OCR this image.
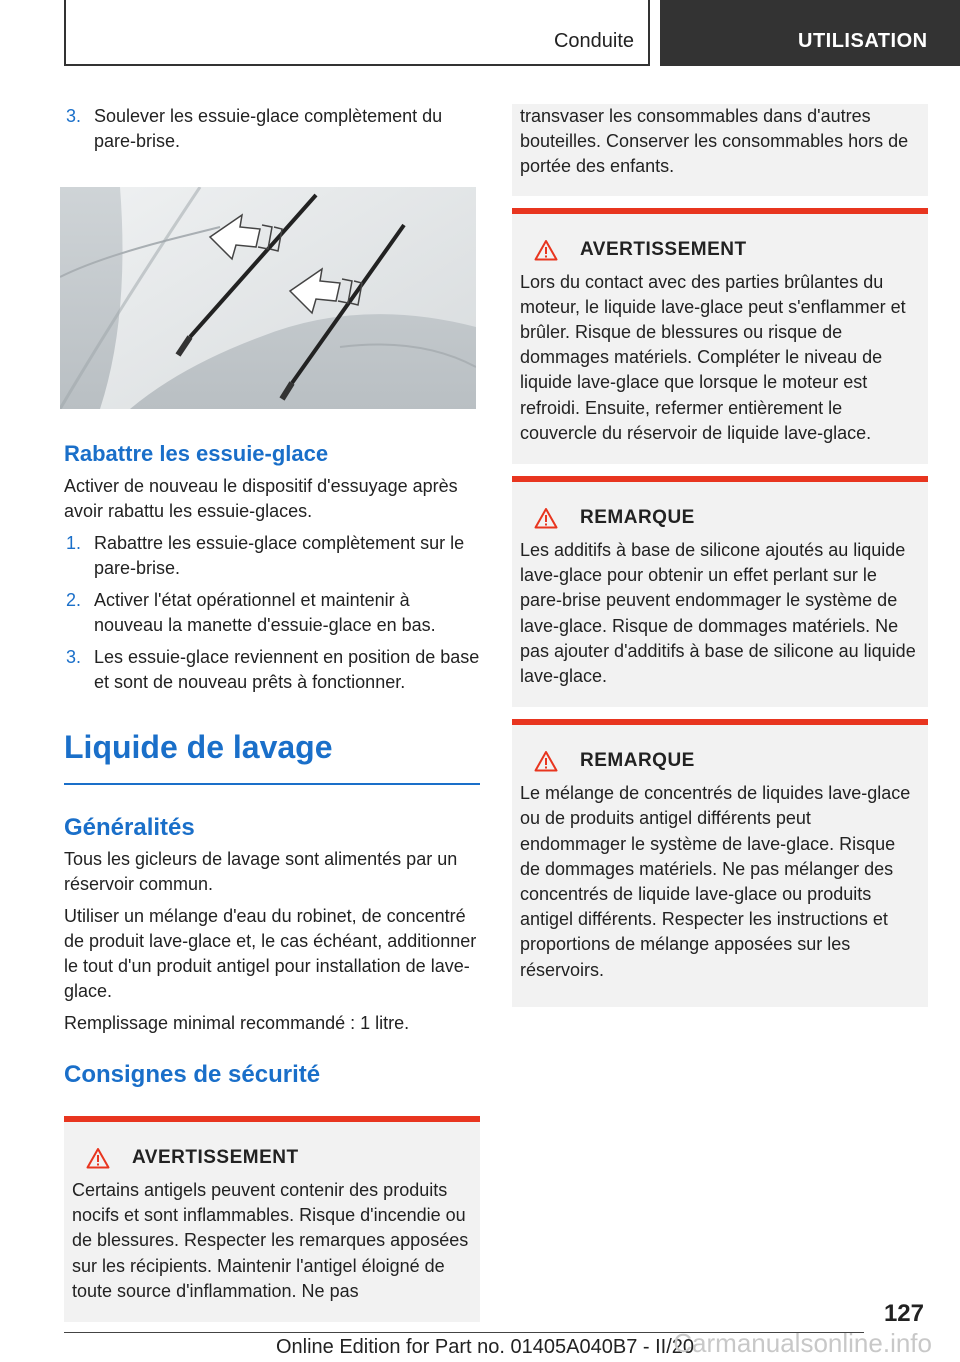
Conduite	UTILISATION
3. Soulever les essuie-glace complètement du pare-brise.
Rabattre les essuie-glace
Activer de nouveau le dispositif d'essuyage après avoir rabattu les essuie-glaces.
1. Rabattre les essuie-glace complètement sur le pare-brise.
2. Activer l'état opérationnel et maintenir à nouveau la manette d'essuie-glace en bas.
3. Les essuie-glace reviennent en position de base et sont de nouveau prêts à fonctionner.
Liquide de lavage
Généralités
Tous les gicleurs de lavage sont alimentés par un réservoir commun.
Utiliser un mélange d'eau du robinet, de concentré de produit lave-glace et, le cas échéant, additionner le tout d'un produit antigel pour installation de lave-glace.
Remplissage minimal recommandé : 1 litre.
Consignes de sécurité
AVERTISSEMENT
Certains antigels peuvent contenir des produits nocifs et sont inflammables. Risque d'incendie ou de blessures. Respecter les remarques apposées sur les récipients. Maintenir l'antigel éloigné de toute source d'inflammation. Ne pas
transvaser les consommables dans d'autres bouteilles. Conserver les consommables hors de portée des enfants.
AVERTISSEMENT
Lors du contact avec des parties brûlantes du moteur, le liquide lave-glace peut s'enflammer et brûler. Risque de blessures ou risque de dommages matériels. Compléter le niveau de liquide lave-glace que lorsque le moteur est refroidi. Ensuite, refermer entièrement le couvercle du réservoir de liquide lave-glace.
REMARQUE
Les additifs à base de silicone ajoutés au liquide lave-glace pour obtenir un effet perlant sur le pare-brise peuvent endommager le système de lave-glace. Risque de dommages matériels. Ne pas ajouter d'additifs à base de silicone au liquide lave-glace.
REMARQUE
Le mélange de concentrés de liquides lave-glace ou de produits antigel différents peut endommager le système de lave-glace. Risque de dommages matériels. Ne pas mélanger des concentrés de liquide lave-glace ou produits antigel différents. Respecter les instructions et proportions de mélange apposées sur les réservoirs.
127
Online Edition for Part no. 01405A040B7 - II/20
Carmanualsonline.info
